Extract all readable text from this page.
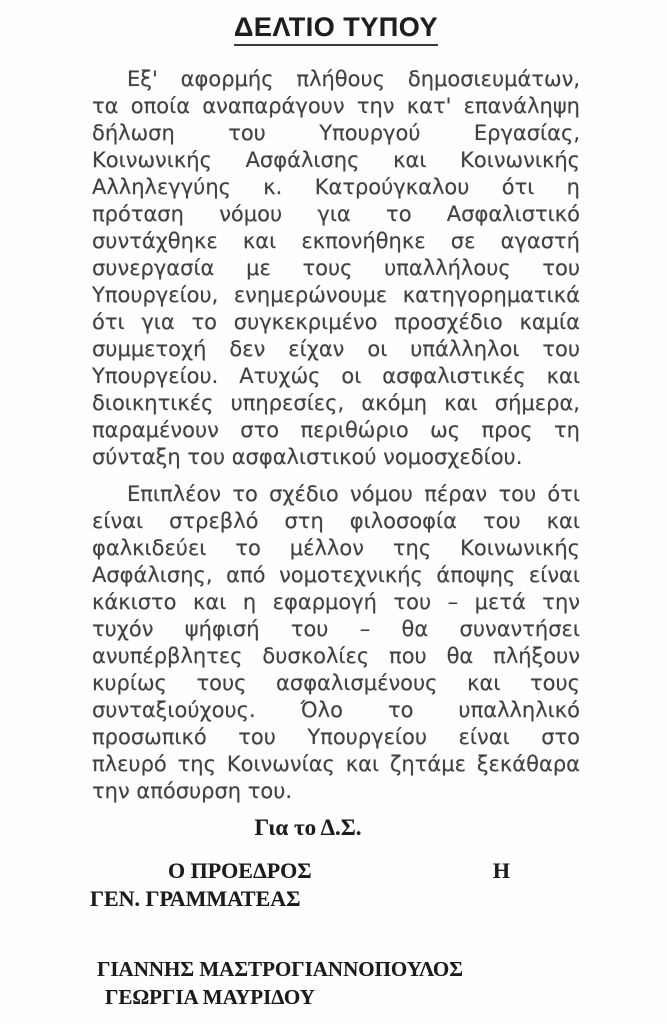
ΔΕΛΤΙΟ ΤΥΠΟΥ
Εξ' αφορμής πλήθους δημοσιευμάτων,
τα οποία αναπαράγουν την κατ' επανάληψη
δήλωση του Υπουργού Εργασίας,
Κοινωνικής Ασφάλισης και Κοινωνικής
Αλληλεγγύης κ. Κατρούγκαλου ότι η
πρόταση νόμου για το Ασφαλιστικό
συντάχθηκε και εκπονήθηκε σε αγαστή
συνεργασία με τους υπαλλήλους του
Υπουργείου, ενημερώνουμε κατηγορηματικά
ότι για το συγκεκριμένο προσχέδιο καμία
συμμετοχή δεν είχαν οι υπάλληλοι του
Υπουργείου. Ατυχώς οι ασφαλιστικές και
διοικητικές υπηρεσίες, ακόμη και σήμερα,
παραμένουν στο περιθώριο ως προς τη
σύνταξη του ασφαλιστικού νομοσχεδίου.
Επιπλέον το σχέδιο νόμου πέραν του ότι
είναι στρεβλό στη φιλοσοφία του και
φαλκιδεύει το μέλλον της Κοινωνικής
Ασφάλισης, από νομοτεχνικής άποψης είναι
κάκιστο και η εφαρμογή του – μετά την
τυχόν ψήφισή του – θα συναντήσει
ανυπέρβλητες δυσκολίες που θα πλήξουν
κυρίως τους ασφαλισμένους και τους
συνταξιούχους. Όλο το υπαλληλικό
προσωπικό του Υπουργείου είναι στο
πλευρό της Κοινωνίας και ζητάμε ξεκάθαρα
την απόσυρση του.
Για το Δ.Σ.
Ο ΠΡΟΕΔΡΟΣ	Η
ΓΕΝ. ΓΡΑΜΜΑΤΕΑΣ
ΓΙΑΝΝΗΣ ΜΑΣΤΡΟΓΙΑΝΝΟΠΟΥΛΟΣ
ΓΕΩΡΓΙΑ ΜΑΥΡΙΔΟΥ
